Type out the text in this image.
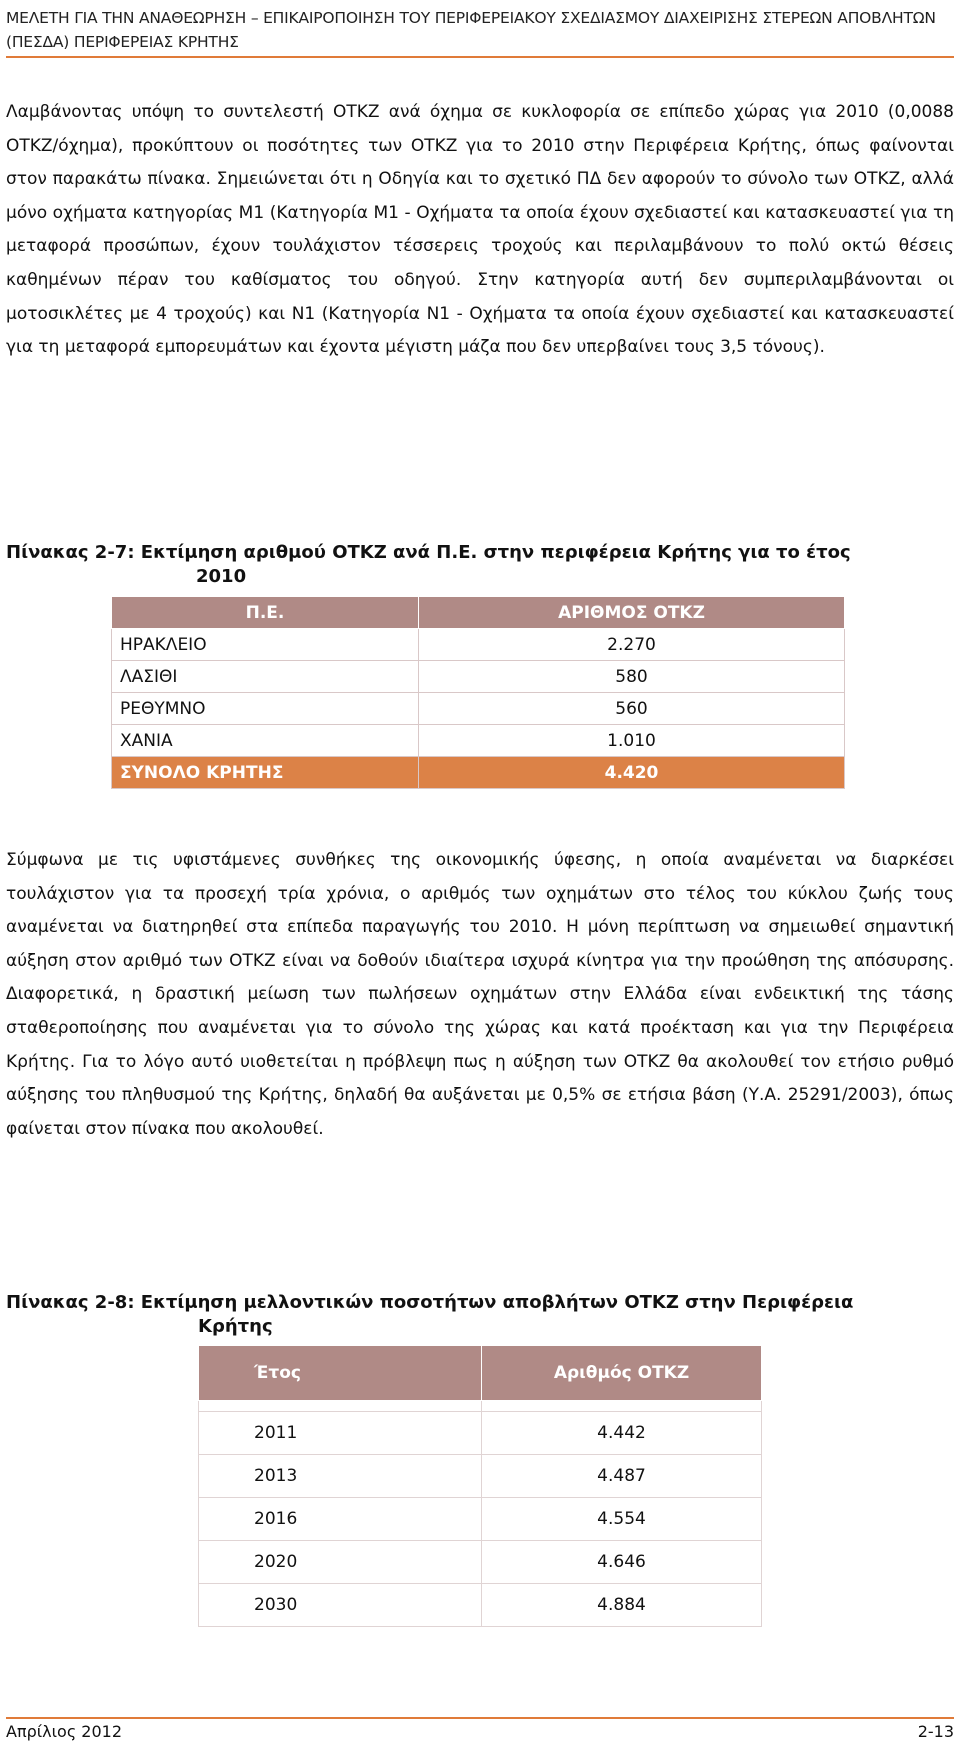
ΜΕΛΕΤΗ ΓΙΑ ΤΗΝ ΑΝΑΘΕΩΡΗΣΗ – ΕΠΙΚΑΙΡΟΠΟΙΗΣΗ ΤΟΥ ΠΕΡΙΦΕΡΕΙΑΚΟΥ ΣΧΕΔΙΑΣΜΟΥ ΔΙΑΧΕΙΡΙΣΗΣ ΣΤΕΡΕΩΝ ΑΠΟΒΛΗΤΩΝ (ΠΕΣΔΑ) ΠΕΡΙΦΕΡΕΙΑΣ ΚΡΗΤΗΣ

Λαμβάνοντας υπόψη το συντελεστή ΟΤΚΖ ανά όχημα σε κυκλοφορία σε επίπεδο χώρας για 2010 (0,0088 ΟΤΚΖ/όχημα), προκύπτουν οι ποσότητες των ΟΤΚΖ για το 2010 στην Περιφέρεια Κρήτης, όπως φαίνονται στον παρακάτω πίνακα. Σημειώνεται ότι η Οδηγία και το σχετικό ΠΔ δεν αφορούν το σύνολο των ΟΤΚΖ, αλλά μόνο οχήματα κατηγορίας Μ1 (Κατηγορία Μ1 - Οχήματα τα οποία έχουν σχεδιαστεί και κατασκευαστεί για τη μεταφορά προσώπων, έχουν τουλάχιστον τέσσερεις τροχούς και περιλαμβάνουν το πολύ οκτώ θέσεις καθημένων πέραν του καθίσματος του οδηγού. Στην κατηγορία αυτή δεν συμπεριλαμβάνονται οι μοτοσικλέτες με 4 τροχούς) και Ν1 (Κατηγορία Ν1 - Οχήματα τα οποία έχουν σχεδιαστεί και κατασκευαστεί για τη μεταφορά εμπορευμάτων και έχοντα μέγιστη μάζα που δεν υπερβαίνει τους 3,5 τόνους).

Πίνακας 2-7: Εκτίμηση αριθμού ΟΤΚΖ ανά Π.Ε. στην περιφέρεια Κρήτης για το έτος
2010

Π.Ε.	ΑΡΙΘΜΟΣ ΟΤΚΖ
ΗΡΑΚΛΕΙΟ	2.270
ΛΑΣΙΘΙ	580
ΡΕΘΥΜΝΟ	560
ΧΑΝΙΑ	1.010
ΣΥΝΟΛΟ ΚΡΗΤΗΣ	4.420

Σύμφωνα με τις υφιστάμενες συνθήκες της οικονομικής ύφεσης, η οποία αναμένεται να διαρκέσει τουλάχιστον για τα προσεχή τρία χρόνια, ο αριθμός των οχημάτων στο τέλος του κύκλου ζωής τους αναμένεται να διατηρηθεί στα επίπεδα παραγωγής του 2010. Η μόνη περίπτωση να σημειωθεί σημαντική αύξηση στον αριθμό των ΟΤΚΖ είναι να δοθούν ιδιαίτερα ισχυρά κίνητρα για την προώθηση της απόσυρσης. Διαφορετικά, η δραστική μείωση των πωλήσεων οχημάτων στην Ελλάδα είναι ενδεικτική της τάσης σταθεροποίησης που αναμένεται για το σύνολο της χώρας και κατά προέκταση και για την Περιφέρεια Κρήτης. Για το λόγο αυτό υιοθετείται η πρόβλεψη πως η αύξηση των ΟΤΚΖ θα ακολουθεί τον ετήσιο ρυθμό αύξησης του πληθυσμού της Κρήτης, δηλαδή θα αυξάνεται με 0,5% σε ετήσια βάση (Υ.Α. 25291/2003), όπως φαίνεται στον πίνακα που ακολουθεί.

Πίνακας 2-8: Εκτίμηση μελλοντικών ποσοτήτων αποβλήτων ΟΤΚΖ στην Περιφέρεια
Κρήτης

Έτος	Αριθμός ΟΤΚΖ

2011	4.442
2013	4.487
2016	4.554
2020	4.646
2030	4.884
Απρίλιος 2012	2-13
